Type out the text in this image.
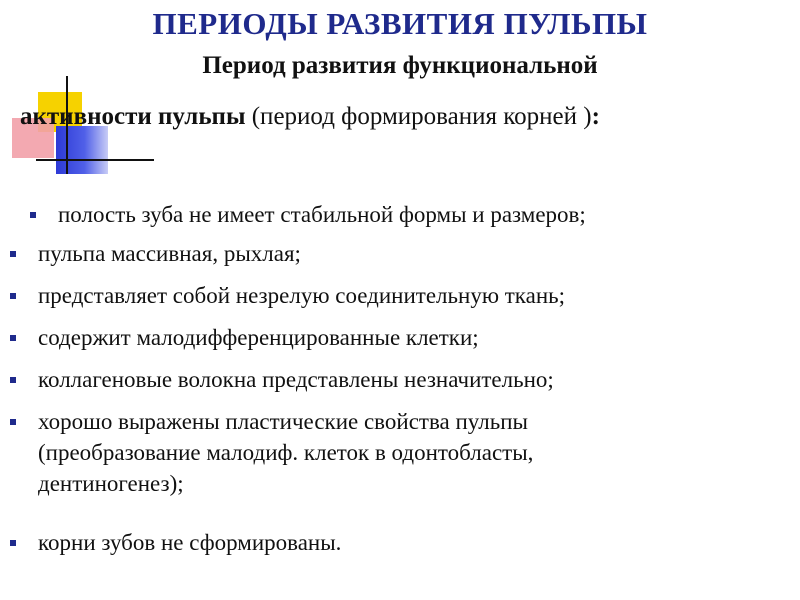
ПЕРИОДЫ РАЗВИТИЯ ПУЛЬПЫ

Период развития функциональной

активности пульпы (период формирования корней ):

полость зуба не имеет стабильной формы и размеров;
пульпа массивная, рыхлая;
представляет собой незрелую соединительную ткань;
содержит малодифференцированные клетки;
коллагеновые волокна представлены незначительно;
хорошо выражены пластические свойства пульпы
(преобразование малодиф. клеток в одонтобласты,
дентиногенез);
корни зубов не сформированы.
